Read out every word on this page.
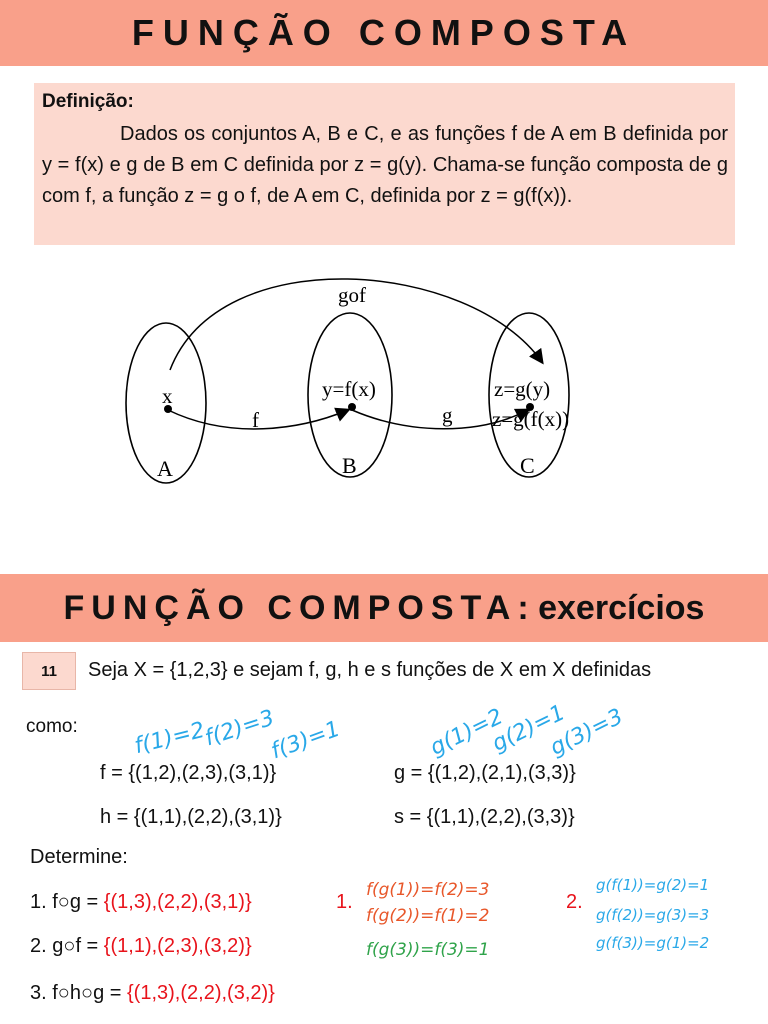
FUNÇÃO COMPOSTA
Definição:
Dados os conjuntos A, B e C, e as funções f de A em B definida por y = f(x) e g de B em C definida por z = g(y). Chama-se função composta de g com f, a função z = g o f, de A em C, definida por z = g(f(x)).
gof
x	y=f(x)	z=g(y)
z=g(f(x))
f	g
A	B	C
FUNÇÃO COMPOSTA : exercícios
11	Seja X = {1,2,3} e sejam f, g, h e s funções de X em X definidas
como:
f = {(1,2),(2,3),(3,1)}	g = {(1,2),(2,1),(3,3)}
h = {(1,1),(2,2),(3,1)}	s = {(1,1),(2,2),(3,3)}
Determine:
1. f○g = {(1,3),(2,2),(3,1)}
2. g○f = {(1,1),(2,3),(3,2)}
3. f○h○g = {(1,3),(2,2),(3,2)}
f(1)=2
f(2)=3
f(3)=1	g(1)=2
g(2)=1
g(3)=3
1.
f(g(1))=f(2)=3
f(g(2))=f(1)=2
f(g(3))=f(3)=1
2.
g(f(1))=g(2)=1
g(f(2))=g(3)=3
g(f(3))=g(1)=2
